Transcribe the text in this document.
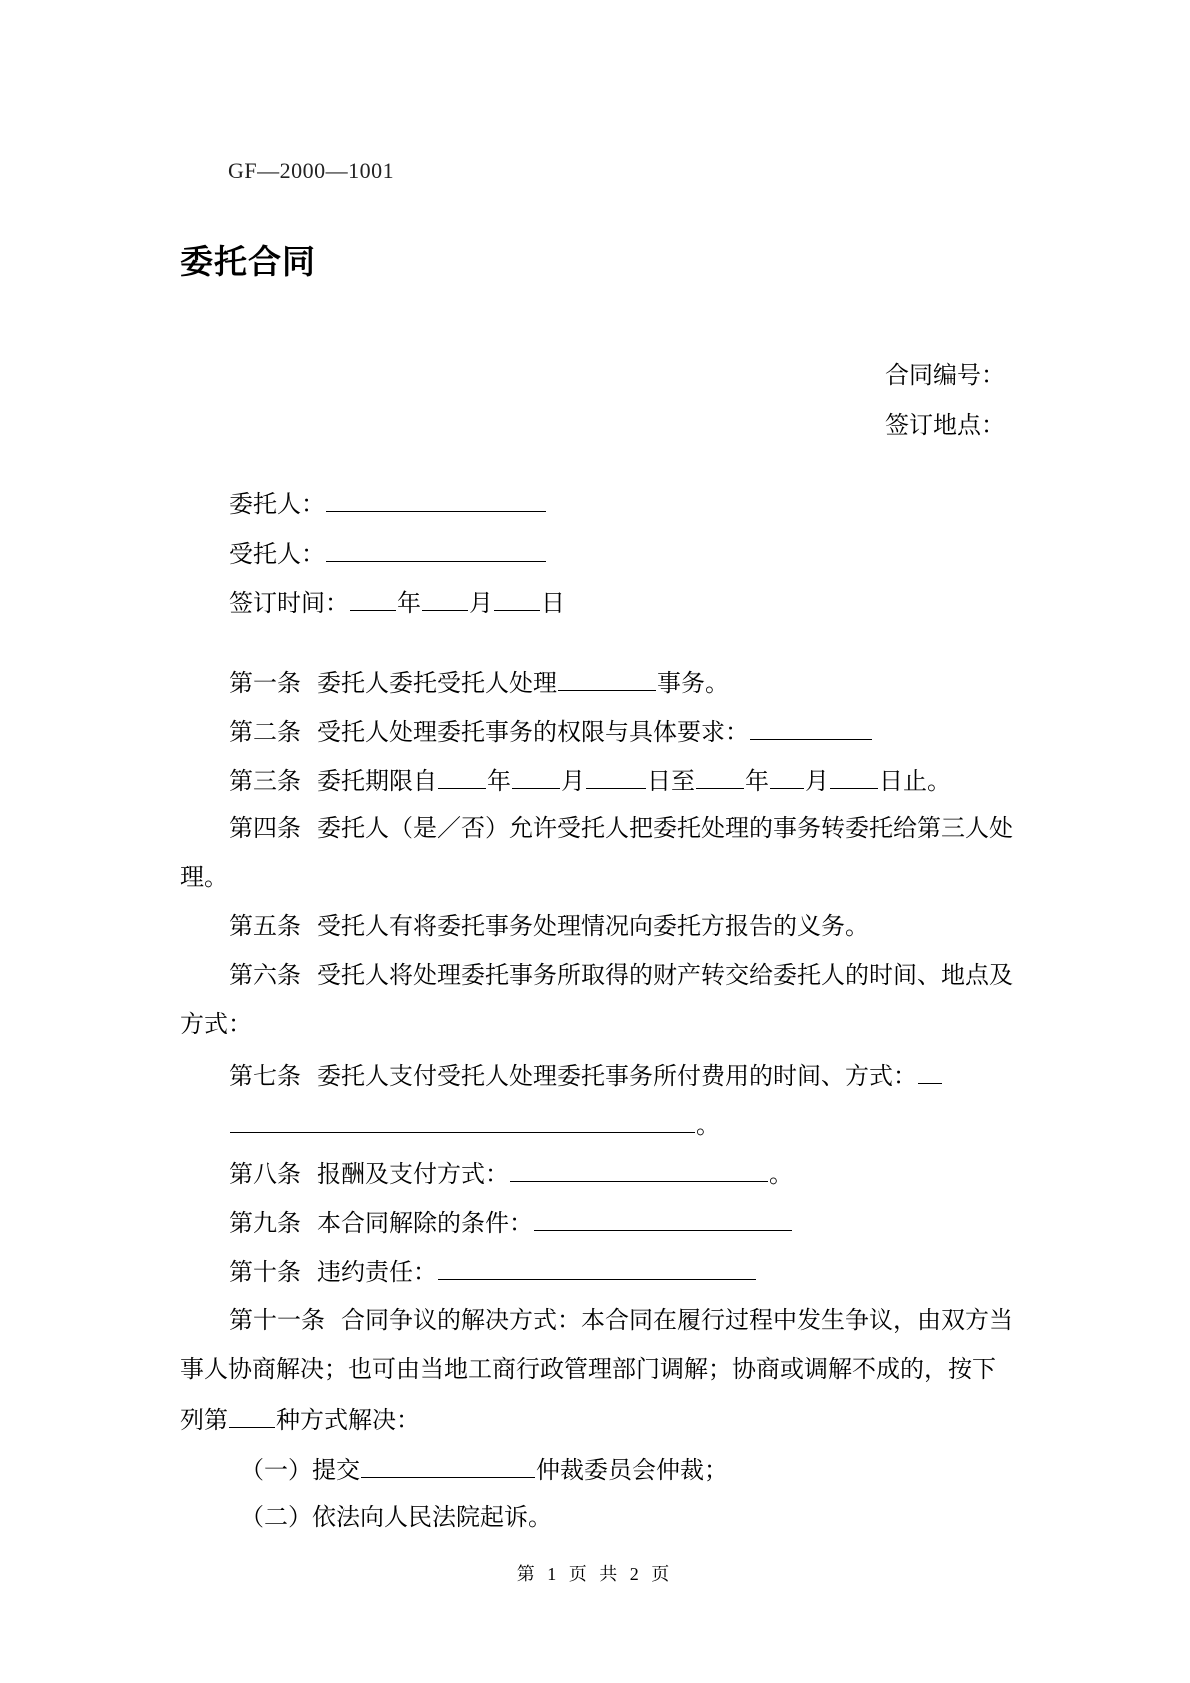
GF—2000—1001
委托合同
合同编号：
签订地点：
委托人：
受托人：
签订时间： 年 月 日
第一条 委托人委托受托人处理	事务。
第二条 受托人处理委托事务的权限与具体要求：
第三条 委托期限自 年 月	日至 年 月 日止。
第四条 委托人（是／否）允许受托人把委托处理的事务转委托给第三人处
理。
第五条 受托人有将委托事务处理情况向委托方报告的义务。
第六条 受托人将处理委托事务所取得的财产转交给委托人的时间、地点及
方式：
第七条 委托人支付受托人处理委托事务所付费用的时间、方式：
。
第八条 报酬及支付方式：	。
第九条 本合同解除的条件：
第十条 违约责任：
第十一条 合同争议的解决方式：本合同在履行过程中发生争议，由双方当
事人协商解决；也可由当地工商行政管理部门调解；协商或调解不成的，按下
列第 种方式解决：
（一）提交	仲裁委员会仲裁；
（二）依法向人民法院起诉。
第 1 页 共 2 页
